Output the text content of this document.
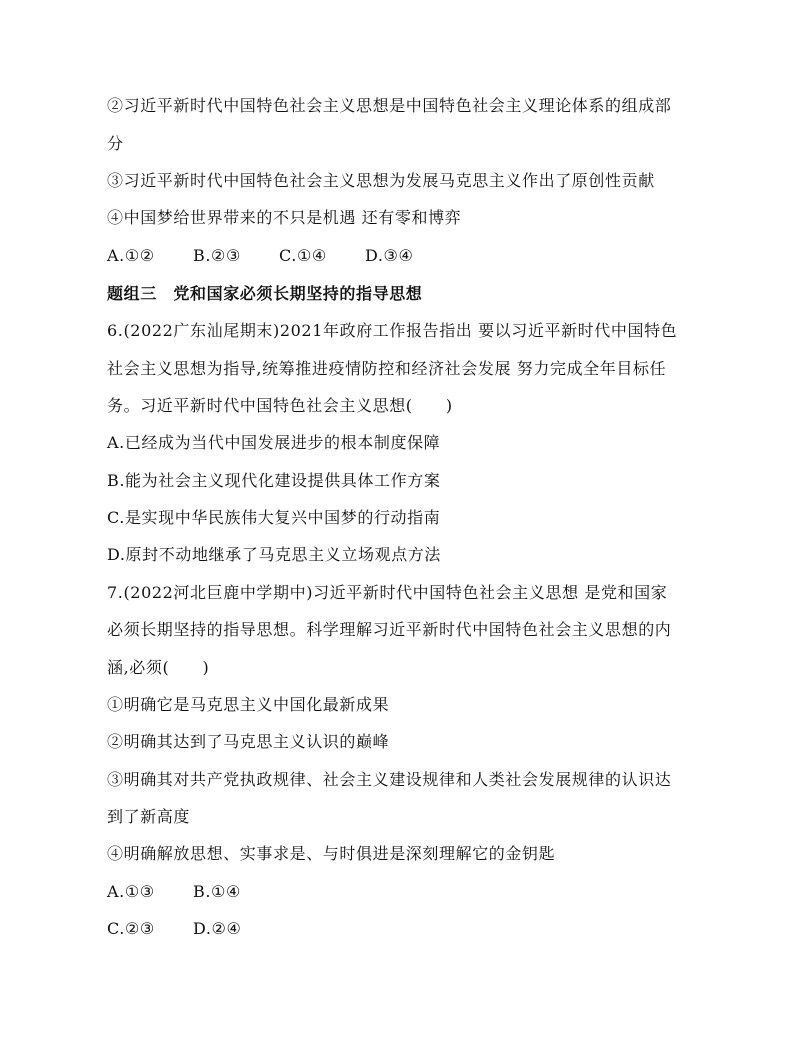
②习近平新时代中国特色社会主义思想是中国特色社会主义理论体系的组成部
分
③习近平新时代中国特色社会主义思想为发展马克思主义作出了原创性贡献
④中国梦给世界带来的不只是机遇 还有零和博弈
A.①② B.②③ C.①④ D.③④
题组三　党和国家必须长期坚持的指导思想
6.(2022广东汕尾期末)2021年政府工作报告指出 要以习近平新时代中国特色
社会主义思想为指导,统筹推进疫情防控和经济社会发展 努力完成全年目标任
务。习近平新时代中国特色社会主义思想(　　)
A.已经成为当代中国发展进步的根本制度保障
B.能为社会主义现代化建设提供具体工作方案
C.是实现中华民族伟大复兴中国梦的行动指南
D.原封不动地继承了马克思主义立场观点方法
7.(2022河北巨鹿中学期中)习近平新时代中国特色社会主义思想 是党和国家
必须长期坚持的指导思想。科学理解习近平新时代中国特色社会主义思想的内
涵,必须(　　)
①明确它是马克思主义中国化最新成果
②明确其达到了马克思主义认识的巅峰
③明确其对共产党执政规律、社会主义建设规律和人类社会发展规律的认识达
到了新高度
④明确解放思想、实事求是、与时俱进是深刻理解它的金钥匙
A.①③ B.①④
C.②③ D.②④
